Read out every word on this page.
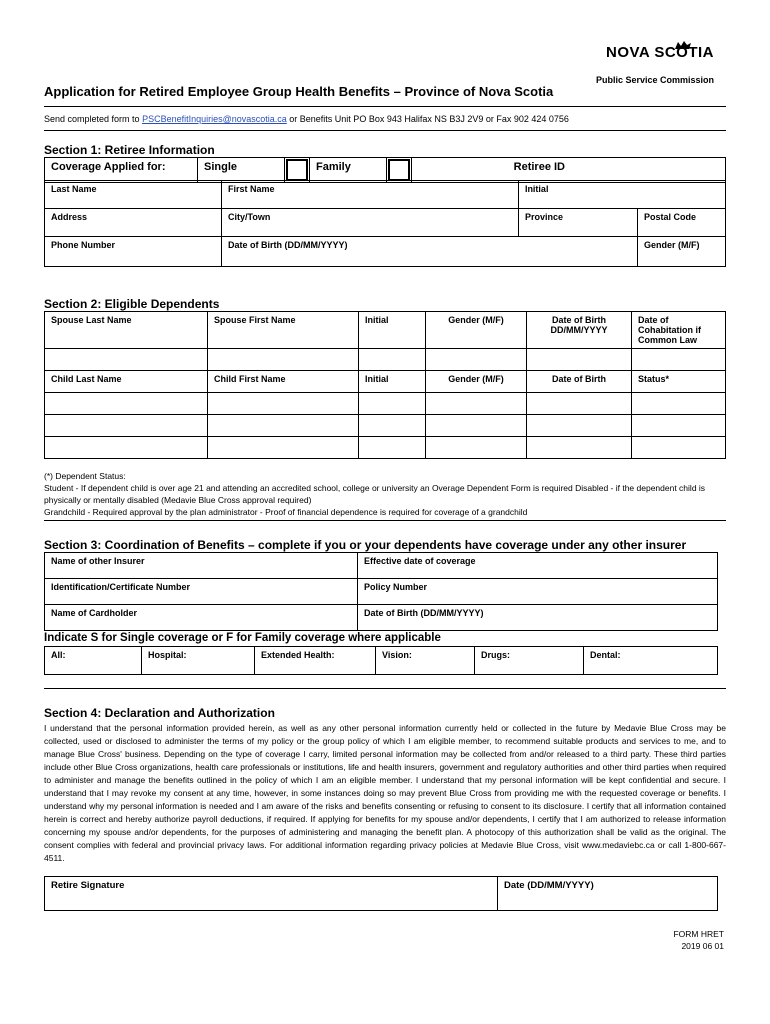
NOVA SCOTIA
Public Service Commission
Application for Retired Employee Group Health Benefits – Province of Nova Scotia
Send completed form to PSCBenefitInquiries@novascotia.ca or Benefits Unit PO Box 943 Halifax NS B3J 2V9 or Fax 902 424 0756
Section 1: Retiree Information
Coverage Applied for:	Single		Family		Retiree ID
Last Name	First Name	Initial	
Address	City/Town	Province	Postal Code
Phone Number	Date of Birth (DD/MM/YYYY)		Gender (M/F)
Section 2: Eligible Dependents
Spouse Last Name	Spouse First Name	Initial	Gender (M/F)	Date of Birth DD/MM/YYYY	Date of Cohabitation if Common Law

Child Last Name	Child First Name	Initial	Gender (M/F)	Date of Birth	Status*

(*) Dependent Status:
Student - If dependent child is over age 21 and attending an accredited school, college or university an Overage Dependent Form is required Disabled - if the dependent child is physically or mentally disabled (Medavie Blue Cross approval required)
Grandchild - Required approval by the plan administrator - Proof of financial dependence is required for coverage of a grandchild
Section 3: Coordination of Benefits – complete if you or your dependents have coverage under any other insurer
Name of other Insurer	Effective date of coverage
Identification/Certificate Number	Policy Number
Name of Cardholder	Date of Birth (DD/MM/YYYY)
Indicate S for Single coverage or F for Family coverage where applicable
All:	Hospital:	Extended Health:	Vision:	Drugs:	Dental:
Section 4: Declaration and Authorization
I understand that the personal information provided herein, as well as any other personal information currently held or collected in the future by Medavie Blue Cross may be collected, used or disclosed to administer the terms of my policy or the group policy of which I am eligible member, to recommend suitable products and services to me, and to manage Blue Cross' business. Depending on the type of coverage I carry, limited personal information may be collected from and/or released to a third party. These third parties include other Blue Cross organizations, health care professionals or institutions, life and health insurers, government and regulatory authorities and other third parties when required to administer and manage the benefits outlined in the policy of which I am an eligible member. I understand that my personal information will be kept confidential and secure. I understand that I may revoke my consent at any time, however, in some instances doing so may prevent Blue Cross from providing me with the requested coverage or benefits. I understand why my personal information is needed and I am aware of the risks and benefits consenting or refusing to consent to its disclosure. I certify that all information contained herein is correct and hereby authorize payroll deductions, if required. If applying for benefits for my spouse and/or dependents, I certify that I am authorized to release information concerning my spouse and/or dependents, for the purposes of administering and managing the benefit plan. A photocopy of this authorization shall be valid as the original. The consent complies with federal and provincial privacy laws. For additional information regarding privacy policies at Medavie Blue Cross, visit www.medaviebc.ca or call 1-800-667-4511.
Retire Signature	Date (DD/MM/YYYY)
FORM HRET
2019 06 01
